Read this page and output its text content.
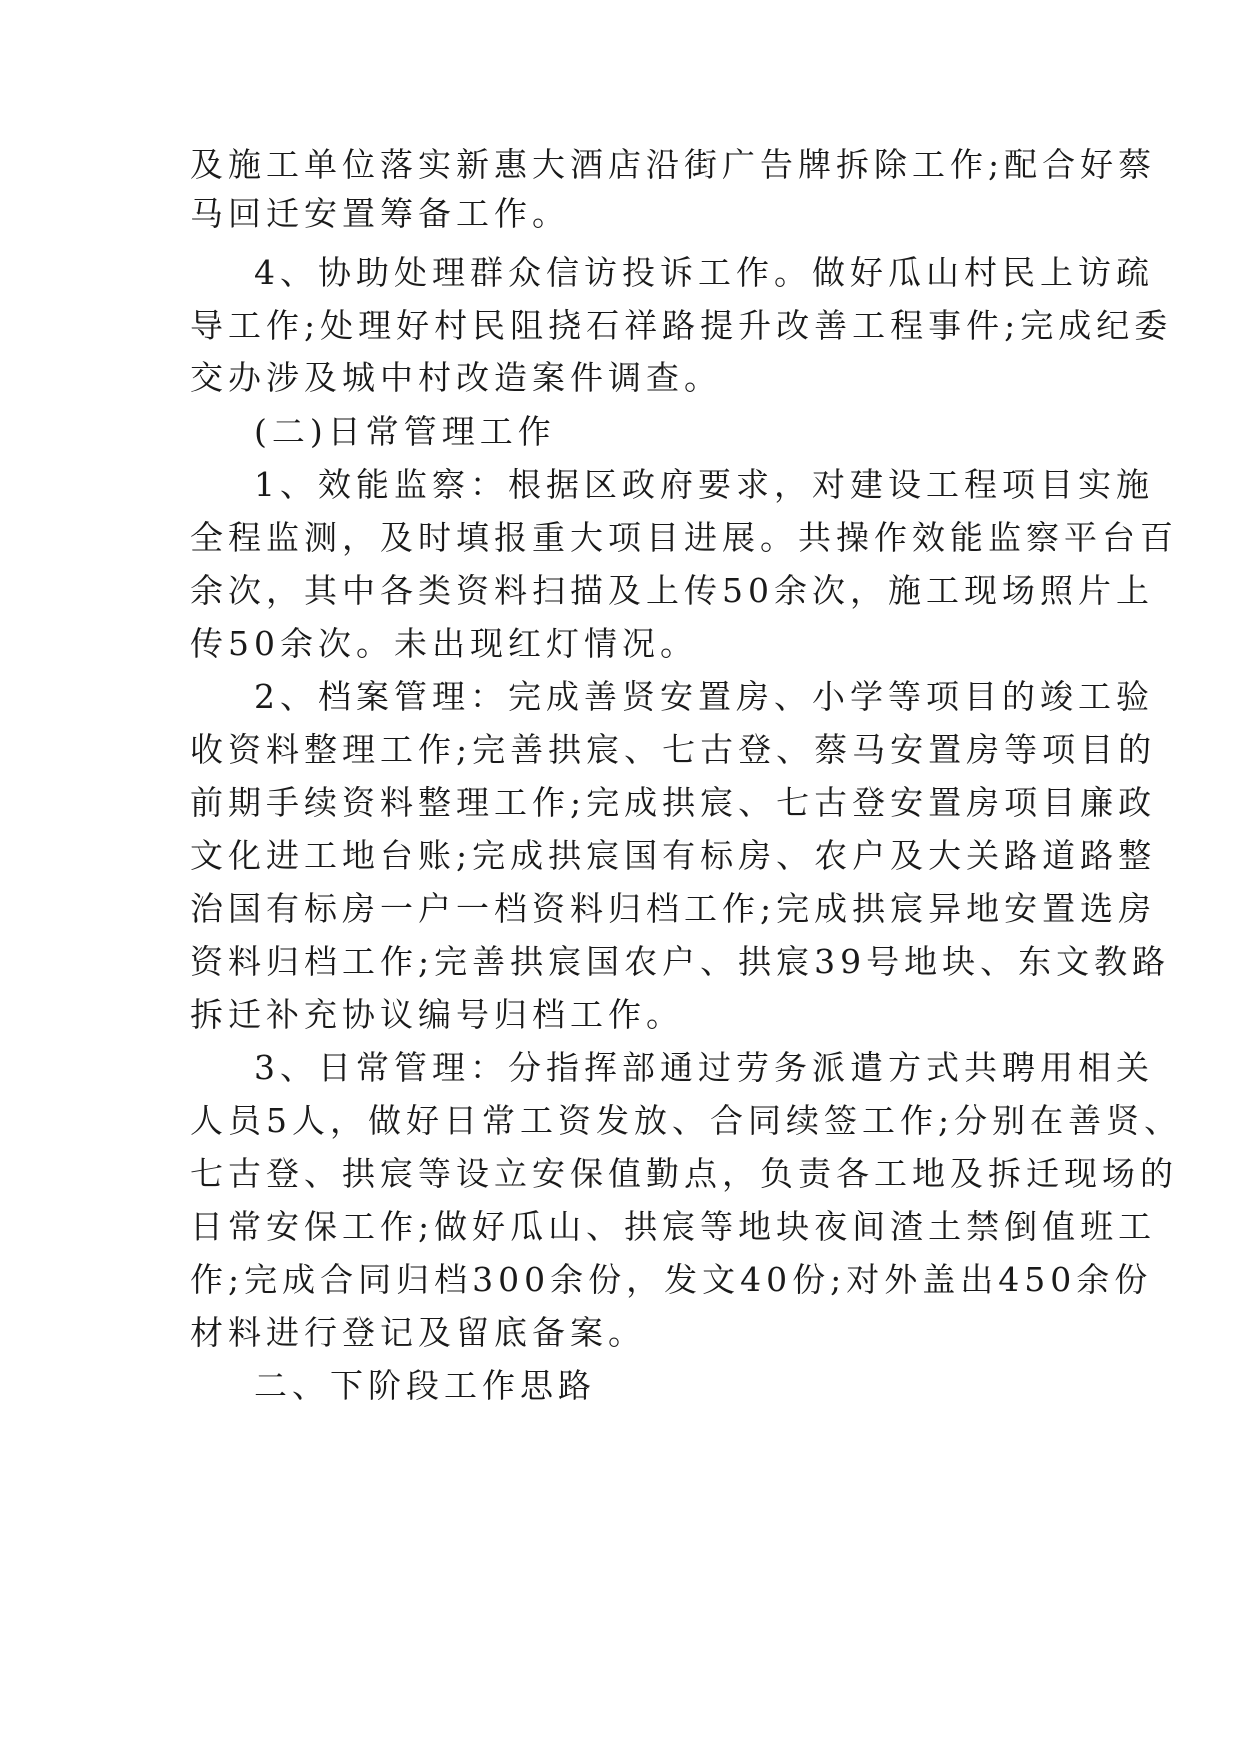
及施工单位落实新惠大酒店沿街广告牌拆除工作;配合好蔡
马回迁安置筹备工作。
4、协助处理群众信访投诉工作。做好瓜山村民上访疏
导工作;处理好村民阻挠石祥路提升改善工程事件;完成纪委
交办涉及城中村改造案件调查。
(二)日常管理工作
1、效能监察：根据区政府要求，对建设工程项目实施
全程监测，及时填报重大项目进展。共操作效能监察平台百
余次，其中各类资料扫描及上传50余次，施工现场照片上
传50余次。未出现红灯情况。
2、档案管理：完成善贤安置房、小学等项目的竣工验
收资料整理工作;完善拱宸、七古登、蔡马安置房等项目的
前期手续资料整理工作;完成拱宸、七古登安置房项目廉政
文化进工地台账;完成拱宸国有标房、农户及大关路道路整
治国有标房一户一档资料归档工作;完成拱宸异地安置选房
资料归档工作;完善拱宸国农户、拱宸39号地块、东文教路
拆迁补充协议编号归档工作。
3、日常管理：分指挥部通过劳务派遣方式共聘用相关
人员5人，做好日常工资发放、合同续签工作;分别在善贤、
七古登、拱宸等设立安保值勤点，负责各工地及拆迁现场的
日常安保工作;做好瓜山、拱宸等地块夜间渣土禁倒值班工
作;完成合同归档300余份，发文40份;对外盖出450余份
材料进行登记及留底备案。
二、下阶段工作思路
